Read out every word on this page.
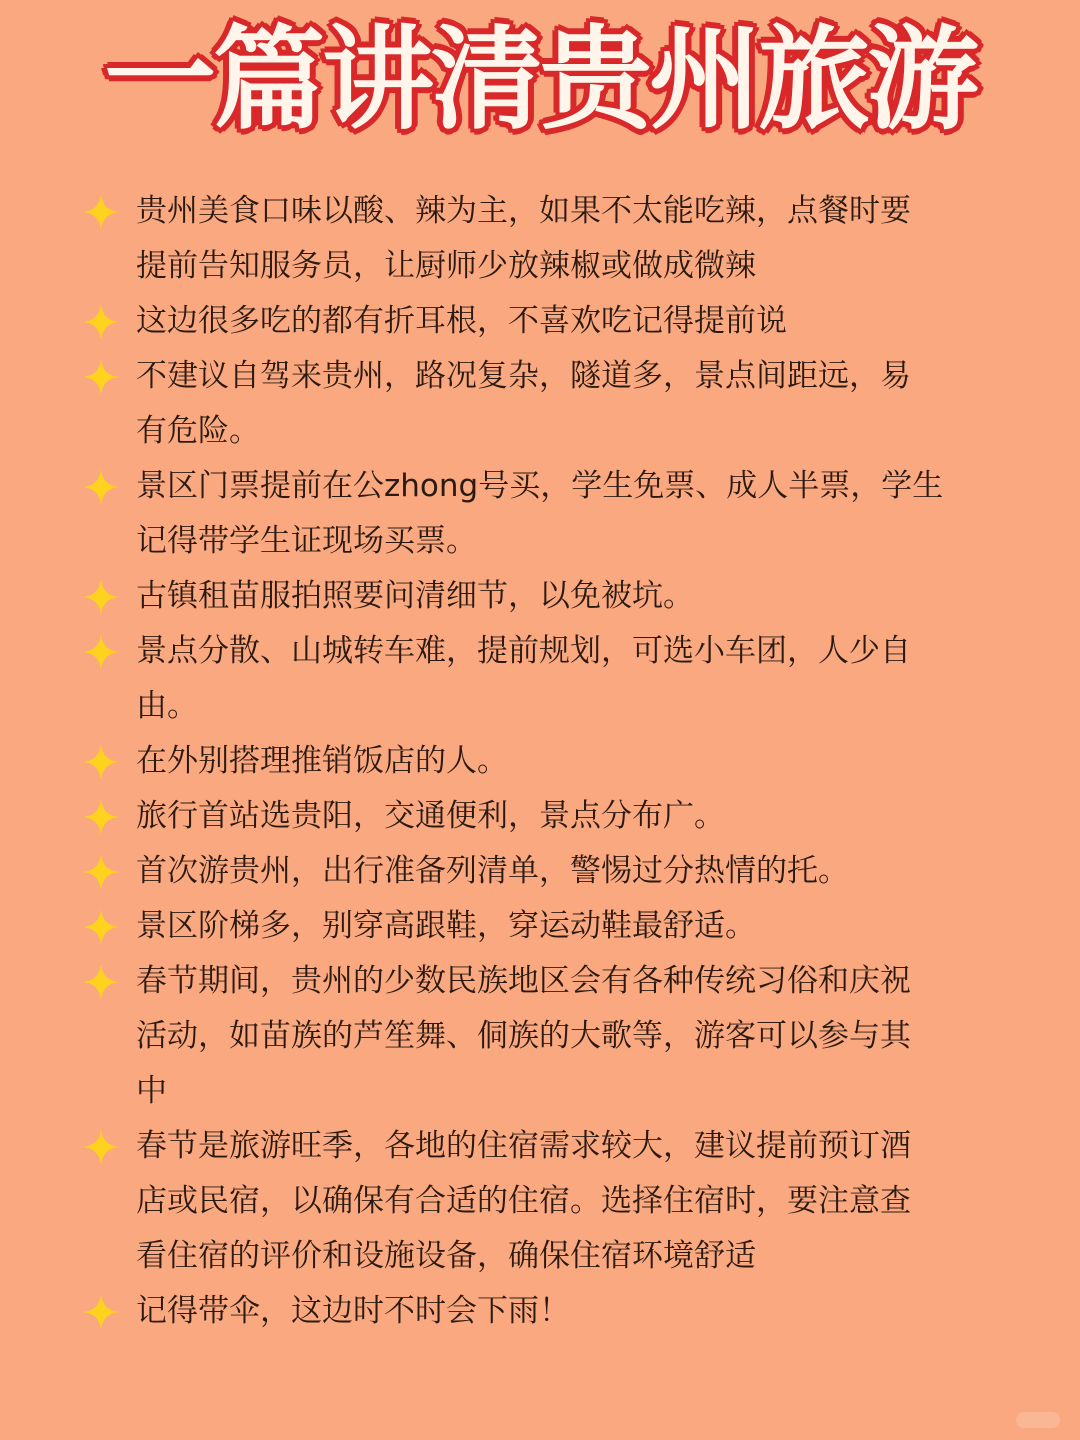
一篇讲清贵州旅游
贵州美食口味以酸、辣为主，如果不太能吃辣，点餐时要
提前告知服务员，让厨师少放辣椒或做成微辣
这边很多吃的都有折耳根，不喜欢吃记得提前说
不建议自驾来贵州，路况复杂，隧道多，景点间距远，易
有危险。
景区门票提前在公zhong号买，学生免票、成人半票，学生
记得带学生证现场买票。
古镇租苗服拍照要问清细节，以免被坑。
景点分散、山城转车难，提前规划，可选小车团，人少自
由。
在外别搭理推销饭店的人。
旅行首站选贵阳，交通便利，景点分布广。
首次游贵州，出行准备列清单，警惕过分热情的托。
景区阶梯多，别穿高跟鞋，穿运动鞋最舒适。
春节期间，贵州的少数民族地区会有各种传统习俗和庆祝
活动，如苗族的芦笙舞、侗族的大歌等，游客可以参与其
中
春节是旅游旺季，各地的住宿需求较大，建议提前预订酒
店或民宿，以确保有合适的住宿。选择住宿时，要注意查
看住宿的评价和设施设备，确保住宿环境舒适
记得带伞，这边时不时会下雨！
